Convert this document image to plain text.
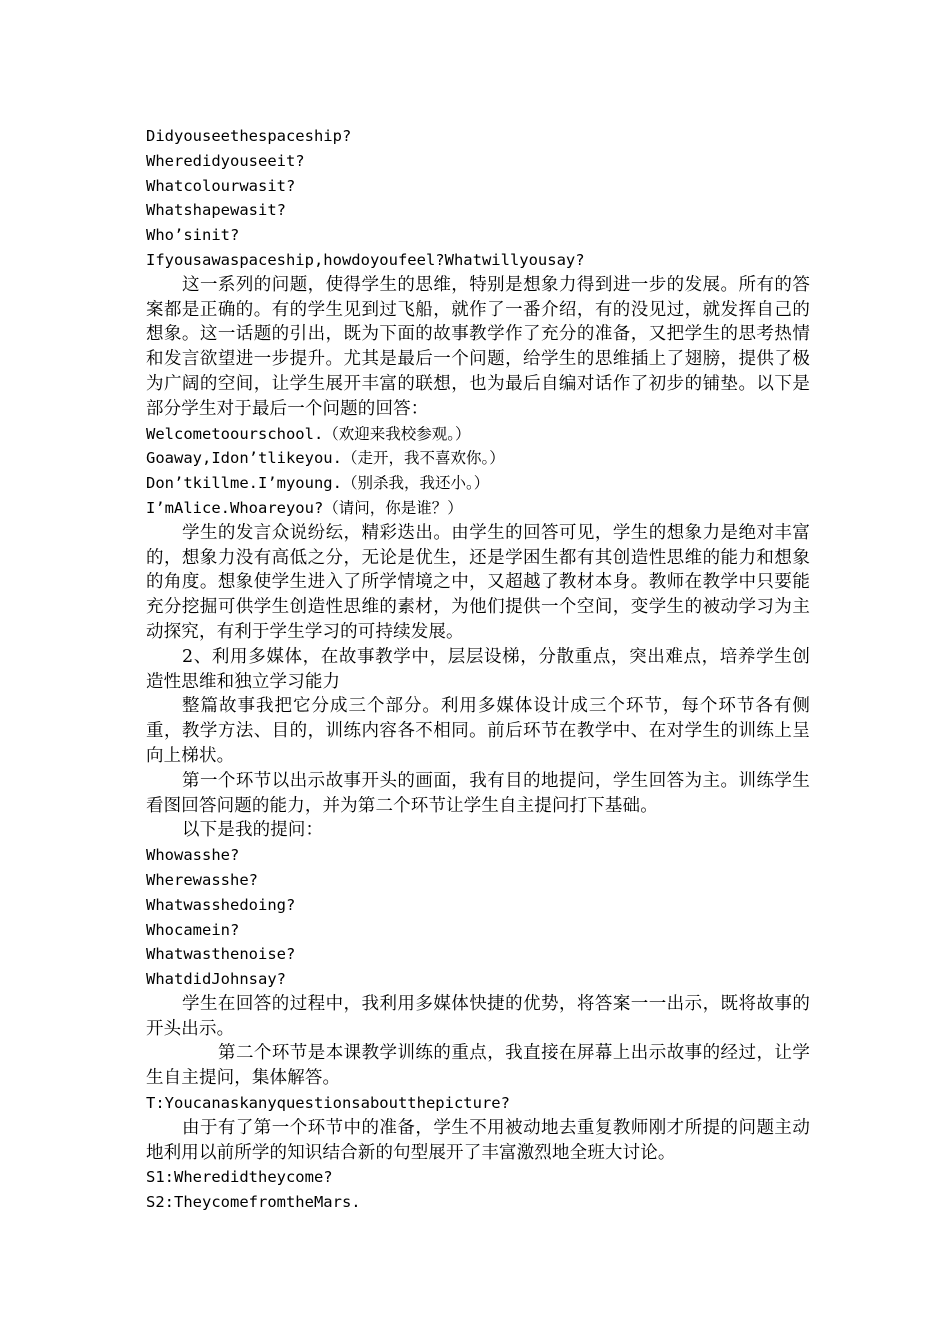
Didyouseethespaceship?

Wheredidyouseeit?

Whatcolourwasit?

Whatshapewasit?

Who’sinit?

Ifyousawaspaceship,howdoyoufeel?Whatwillyousay?

这一系列的问题，使得学生的思维，特别是想象力得到进一步的发展。所有的答案都是正确的。有的学生见到过飞船，就作了一番介绍，有的没见过，就发挥自己的想象。这一话题的引出，既为下面的故事教学作了充分的准备，又把学生的思考热情和发言欲望进一步提升。尤其是最后一个问题，给学生的思维插上了翅膀，提供了极为广阔的空间，让学生展开丰富的联想，也为最后自编对话作了初步的铺垫。以下是部分学生对于最后一个问题的回答：

Welcometoourschool.（欢迎来我校参观。）

Goaway,Idon’tlikeyou.（走开，我不喜欢你。）

Don’tkillme.I’myoung.（别杀我，我还小。）

I’mAlice.Whoareyou?（请问，你是谁？）

学生的发言众说纷纭，精彩迭出。由学生的回答可见，学生的想象力是绝对丰富的，想象力没有高低之分，无论是优生，还是学困生都有其创造性思维的能力和想象的角度。想象使学生进入了所学情境之中，又超越了教材本身。教师在教学中只要能充分挖掘可供学生创造性思维的素材，为他们提供一个空间，变学生的被动学习为主动探究，有利于学生学习的可持续发展。

2、利用多媒体，在故事教学中，层层设梯，分散重点，突出难点，培养学生创造性思维和独立学习能力

整篇故事我把它分成三个部分。利用多媒体设计成三个环节，每个环节各有侧重，教学方法、目的，训练内容各不相同。前后环节在教学中、在对学生的训练上呈向上梯状。

第一个环节以出示故事开头的画面，我有目的地提问，学生回答为主。训练学生看图回答问题的能力，并为第二个环节让学生自主提问打下基础。

以下是我的提问：

Whowasshe?

Wherewasshe?

Whatwasshedoing?

Whocamein?

Whatwasthenoise?

WhatdidJohnsay?

学生在回答的过程中，我利用多媒体快捷的优势，将答案一一出示，既将故事的开头出示。

第二个环节是本课教学训练的重点，我直接在屏幕上出示故事的经过，让学生自主提问，集体解答。

T:Youcanaskanyquestionsaboutthepicture?

由于有了第一个环节中的准备，学生不用被动地去重复教师刚才所提的问题主动地利用以前所学的知识结合新的句型展开了丰富激烈地全班大讨论。

S1:Wheredidtheycome?

S2:TheycomefromtheMars.
